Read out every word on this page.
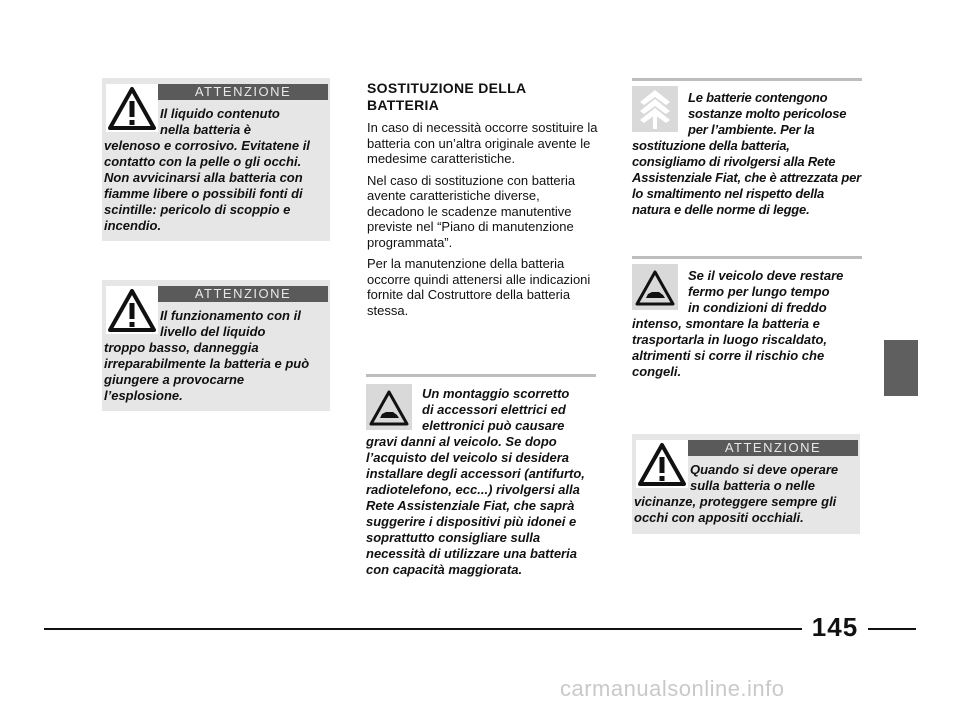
ATTENZIONE
Il liquido contenuto
nella batteria è
velenoso e corrosivo. Evitatene il contatto con la pelle o gli occhi. Non avvicinarsi alla batteria con fiamme libere o possibili fonti di scintille: pericolo di scoppio e incendio.
ATTENZIONE
Il funzionamento con il
livello del liquido
troppo basso, danneggia irreparabilmente la batteria e può giungere a provocarne l’esplosione.
SOSTITUZIONE DELLA BATTERIA

In caso di necessità occorre sostituire la batteria con un’altra originale avente le medesime caratteristiche.

Nel caso di sostituzione con batteria avente caratteristiche diverse, decadono le scadenze manutentive previste nel “Piano di manutenzione programmata”.

Per la manutenzione della batteria occorre quindi attenersi alle indicazioni fornite dal Costruttore della batteria stessa.

Un montaggio scorretto
di accessori elettrici ed
elettronici può causare
gravi danni al veicolo. Se dopo l’acquisto del veicolo si desidera installare degli accessori (antifurto, radiotelefono, ecc...) rivolgersi alla Rete Assistenziale Fiat, che saprà suggerire i dispositivi più idonei e soprattutto consigliare sulla necessità di utilizzare una batteria con capacità maggiorata.
Le batterie contengono
sostanze molto pericolose
per l’ambiente. Per la
sostituzione della batteria, consigliamo di rivolgersi alla Rete Assistenziale Fiat, che è attrezzata per lo smaltimento nel rispetto della natura e delle norme di legge.
Se il veicolo deve restare
fermo per lungo tempo
in condizioni di freddo
intenso, smontare la batteria e trasportarla in luogo riscaldato, altrimenti si corre il rischio che congeli.
ATTENZIONE
Quando si deve operare
sulla batteria o nelle
vicinanze, proteggere sempre gli occhi con appositi occhiali.
145
carmanualsonline.info
